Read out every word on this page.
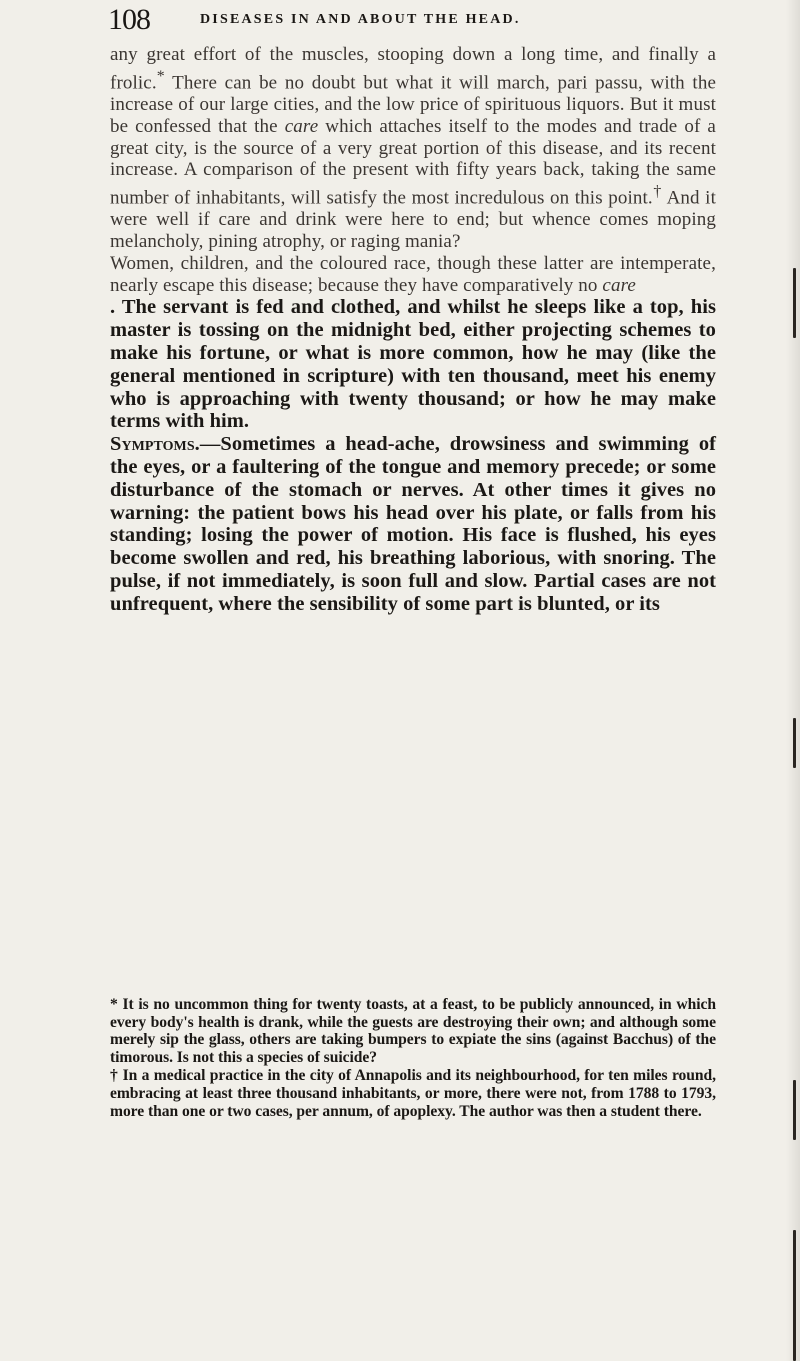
108	DISEASES IN AND ABOUT THE HEAD.

any great effort of the muscles, stooping down a long time, and finally a frolic.* There can be no doubt but what it will march, pari passu, with the increase of our large cities, and the low price of spirituous liquors. But it must be confessed that the care which attaches itself to the modes and trade of a great city, is the source of a very great portion of this disease, and its recent increase. A comparison of the present with fifty years back, taking the same number of inhabitants, will satisfy the most incredulous on this point.† And it were well if care and drink were here to end; but whence comes moping melancholy, pining atrophy, or raging mania?

Women, children, and the coloured race, though these latter are intemperate, nearly escape this disease; because they have comparatively no care

. The servant is fed and clothed, and whilst he sleeps like a top, his master is tossing on the midnight bed, either projecting schemes to make his fortune, or what is more common, how he may (like the general mentioned in scripture) with ten thousand, meet his enemy who is approaching with twenty thousand; or how he may make terms with him.

Symptoms.—Sometimes a head-ache, drowsiness and swimming of the eyes, or a faultering of the tongue and memory precede; or some disturbance of the stomach or nerves. At other times it gives no warning: the patient bows his head over his plate, or falls from his standing; losing the power of motion. His face is flushed, his eyes become swollen and red, his breathing laborious, with snoring. The pulse, if not immediately, is soon full and slow. Partial cases are not unfrequent, where the sensibility of some part is blunted, or its

* It is no uncommon thing for twenty toasts, at a feast, to be publicly announced, in which every body's health is drank, while the guests are destroying their own; and although some merely sip the glass, others are taking bumpers to expiate the sins (against Bacchus) of the timorous. Is not this a species of suicide?

† In a medical practice in the city of Annapolis and its neighbourhood, for ten miles round, embracing at least three thousand inhabitants, or more, there were not, from 1788 to 1793, more than one or two cases, per annum, of apoplexy. The author was then a student there.
